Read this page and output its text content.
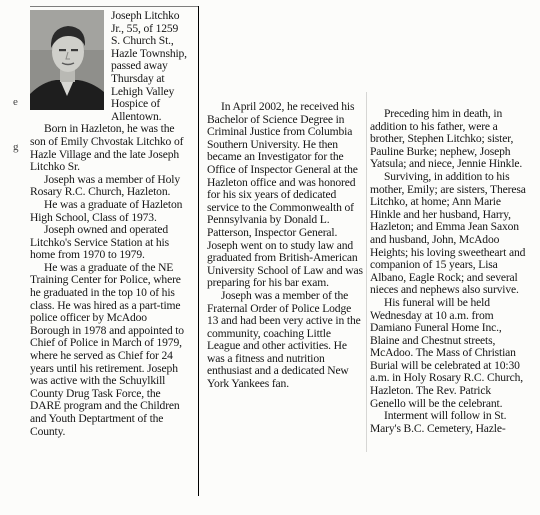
e
g

Joseph Litchko Jr., 55, of 1259 S. Church St., Hazle Township, passed away Thursday at Lehigh Valley Hospice of Allentown.

Born in Hazleton, he was the son of Emily Chvostak Litchko of Hazle Village and the late Joseph Litchko Sr.

Joseph was a member of Holy Rosary R.C. Church, Hazleton.

He was a graduate of Hazleton High School, Class of 1973.

Joseph owned and operated Litchko's Service Station at his home from 1970 to 1979.

He was a graduate of the NE Training Center for Police, where he graduated in the top 10 of his class. He was hired as a part-time police officer by McAdoo Borough in 1978 and appointed to Chief of Police in March of 1979, where he served as Chief for 24 years until his retirement. Joseph was active with the Schuylkill County Drug Task Force, the DARE program and the Children and Youth Deptartment of the County.

In April 2002, he received his Bachelor of Science Degree in Criminal Justice from Columbia Southern University. He then became an Investigator for the Office of Inspector General at the Hazleton office and was honored for his six years of dedicated service to the Commonwealth of Pennsylvania by Donald L. Patterson, Inspector General. Joseph went on to study law and graduated from British-American University School of Law and was preparing for his bar exam.

Joseph was a member of the Fraternal Order of Police Lodge 13 and had been very active in the community, coaching Little League and other activities. He was a fitness and nutrition enthusiast and a dedicated New York Yankees fan.

Preceding him in death, in addition to his father, were a brother, Stephen Litchko; sister, Pauline Burke; nephew, Joseph Yatsula; and niece, Jennie Hinkle.

Surviving, in addition to his mother, Emily; are sisters, Theresa Litchko, at home; Ann Marie Hinkle and her husband, Harry, Hazleton; and Emma Jean Saxon and husband, John, McAdoo Heights; his loving sweetheart and companion of 15 years, Lisa Albano, Eagle Rock; and several nieces and nephews also survive.

His funeral will be held Wednesday at 10 a.m. from Damiano Funeral Home Inc., Blaine and Chestnut streets, McAdoo. The Mass of Christian Burial will be celebrated at 10:30 a.m. in Holy Rosary R.C. Church, Hazleton. The Rev. Patrick Genello will be the celebrant.

Interment will follow in St. Mary's B.C. Cemetery, Hazle-
